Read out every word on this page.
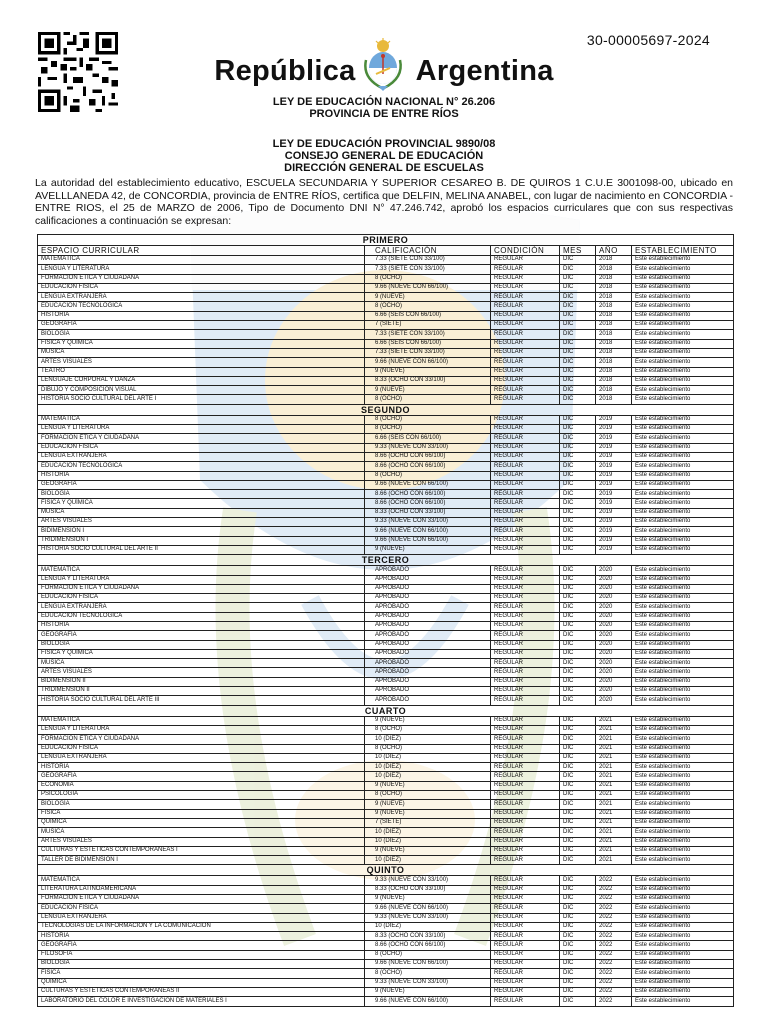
30-00005697-2024
República Argentina
LEY DE EDUCACIÓN NACIONAL N° 26.206
PROVINCIA DE ENTRE RÍOS
LEY DE EDUCACIÓN PROVINCIAL 9890/08
CONSEJO GENERAL DE EDUCACIÓN
DIRECCIÓN GENERAL DE ESCUELAS
La autoridad del establecimiento educativo, ESCUELA SECUNDARIA Y SUPERIOR CESAREO B. DE QUIROS 1 C.U.E 3001098-00, ubicado en AVELLLANEDA 42, de CONCORDIA, provincia de ENTRE RÍOS, certifica que DELFIN, MELINA ANABEL, con lugar de nacimiento en CONCORDIA - ENTRE RIOS, el 25 de MARZO de 2006, Tipo de Documento DNI N° 47.246.742, aprobó los espacios curriculares que con sus respectivas calificaciones a continuación se expresan:
PRIMERO					
ESPACIO CURRICULAR	CALIFICACIÓN	CONDICIÓN	MES	AÑO	ESTABLECIMIENTO
MATEMÁTICA	7.33 (SIETE CON 33/100)	REGULAR	DIC	2018	Este establecimiento
LENGUA Y LITERATURA	7.33 (SIETE CON 33/100)	REGULAR	DIC	2018	Este establecimiento
FORMACIÓN ÉTICA Y CIUDADANA	8 (OCHO)	REGULAR	DIC	2018	Este establecimiento
EDUCACIÓN FÍSICA	9.66 (NUEVE CON 66/100)	REGULAR	DIC	2018	Este establecimiento
LENGUA EXTRANJERA	9 (NUEVE)	REGULAR	DIC	2018	Este establecimiento
EDUCACIÓN TECNOLÓGICA	8 (OCHO)	REGULAR	DIC	2018	Este establecimiento
HISTORIA	6.66 (SEIS CON 66/100)	REGULAR	DIC	2018	Este establecimiento
GEOGRAFÍA	7 (SIETE)	REGULAR	DIC	2018	Este establecimiento
BIOLOGÍA	7.33 (SIETE CON 33/100)	REGULAR	DIC	2018	Este establecimiento
FÍSICA Y QUÍMICA	6.66 (SEIS CON 66/100)	REGULAR	DIC	2018	Este establecimiento
MÚSICA	7.33 (SIETE CON 33/100)	REGULAR	DIC	2018	Este establecimiento
ARTES VISUALES	9.66 (NUEVE CON 66/100)	REGULAR	DIC	2018	Este establecimiento
TEATRO	9 (NUEVE)	REGULAR	DIC	2018	Este establecimiento
LENGUAJE CORPORAL Y DANZA	8.33 (OCHO CON 33/100)	REGULAR	DIC	2018	Este establecimiento
DIBUJO Y COMPOSICIÓN VISUAL	9 (NUEVE)	REGULAR	DIC	2018	Este establecimiento
HISTORIA SOCIO CULTURAL DEL ARTE I	8 (OCHO)	REGULAR	DIC	2018	Este establecimiento
SEGUNDO					
MATEMÁTICA	8 (OCHO)	REGULAR	DIC	2019	Este establecimiento
LENGUA Y LITERATURA	8 (OCHO)	REGULAR	DIC	2019	Este establecimiento
FORMACIÓN ÉTICA Y CIUDADANA	6.66 (SEIS CON 66/100)	REGULAR	DIC	2019	Este establecimiento
EDUCACIÓN FÍSICA	9.33 (NUEVE CON 33/100)	REGULAR	DIC	2019	Este establecimiento
LENGUA EXTRANJERA	8.66 (OCHO CON 66/100)	REGULAR	DIC	2019	Este establecimiento
EDUCACIÓN TECNOLÓGICA	8.66 (OCHO CON 66/100)	REGULAR	DIC	2019	Este establecimiento
HISTORIA	8 (OCHO)	REGULAR	DIC	2019	Este establecimiento
GEOGRAFÍA	9.66 (NUEVE CON 66/100)	REGULAR	DIC	2019	Este establecimiento
BIOLOGÍA	8.66 (OCHO CON 66/100)	REGULAR	DIC	2019	Este establecimiento
FÍSICA Y QUÍMICA	8.66 (OCHO CON 66/100)	REGULAR	DIC	2019	Este establecimiento
MÚSICA	8.33 (OCHO CON 33/100)	REGULAR	DIC	2019	Este establecimiento
ARTES VISUALES	9.33 (NUEVE CON 33/100)	REGULAR	DIC	2019	Este establecimiento
BIDIMENSIÓN I	9.66 (NUEVE CON 66/100)	REGULAR	DIC	2019	Este establecimiento
TRIDIMENSIÓN I	9.66 (NUEVE CON 66/100)	REGULAR	DIC	2019	Este establecimiento
HISTORIA SOCIO CULTURAL DEL ARTE II	9 (NUEVE)	REGULAR	DIC	2019	Este establecimiento
TERCERO					
MATEMÁTICA	APROBADO	REGULAR	DIC	2020	Este establecimiento
LENGUA Y LITERATURA	APROBADO	REGULAR	DIC	2020	Este establecimiento
FORMACIÓN ÉTICA Y CIUDADANA	APROBADO	REGULAR	DIC	2020	Este establecimiento
EDUCACIÓN FÍSICA	APROBADO	REGULAR	DIC	2020	Este establecimiento
LENGUA EXTRANJERA	APROBADO	REGULAR	DIC	2020	Este establecimiento
EDUCACIÓN TECNOLÓGICA	APROBADO	REGULAR	DIC	2020	Este establecimiento
HISTORIA	APROBADO	REGULAR	DIC	2020	Este establecimiento
GEOGRAFÍA	APROBADO	REGULAR	DIC	2020	Este establecimiento
BIOLOGÍA	APROBADO	REGULAR	DIC	2020	Este establecimiento
FÍSICA Y QUÍMICA	APROBADO	REGULAR	DIC	2020	Este establecimiento
MÚSICA	APROBADO	REGULAR	DIC	2020	Este establecimiento
ARTES VISUALES	APROBADO	REGULAR	DIC	2020	Este establecimiento
BIDIMENSIÓN II	APROBADO	REGULAR	DIC	2020	Este establecimiento
TRIDIMENSIÓN II	APROBADO	REGULAR	DIC	2020	Este establecimiento
HISTORIA SOCIO CULTURAL DEL ARTE III	APROBADO	REGULAR	DIC	2020	Este establecimiento
CUARTO					
MATEMÁTICA	9 (NUEVE)	REGULAR	DIC	2021	Este establecimiento
LENGUA Y LITERATURA	8 (OCHO)	REGULAR	DIC	2021	Este establecimiento
FORMACIÓN ÉTICA Y CIUDADANA	10 (DIEZ)	REGULAR	DIC	2021	Este establecimiento
EDUCACIÓN FÍSICA	8 (OCHO)	REGULAR	DIC	2021	Este establecimiento
LENGUA EXTRANJERA	10 (DIEZ)	REGULAR	DIC	2021	Este establecimiento
HISTORIA	10 (DIEZ)	REGULAR	DIC	2021	Este establecimiento
GEOGRAFÍA	10 (DIEZ)	REGULAR	DIC	2021	Este establecimiento
ECONOMÍA	9 (NUEVE)	REGULAR	DIC	2021	Este establecimiento
PSICOLOGÍA	8 (OCHO)	REGULAR	DIC	2021	Este establecimiento
BIOLOGÍA	9 (NUEVE)	REGULAR	DIC	2021	Este establecimiento
FÍSICA	9 (NUEVE)	REGULAR	DIC	2021	Este establecimiento
QUÍMICA	7 (SIETE)	REGULAR	DIC	2021	Este establecimiento
MÚSICA	10 (DIEZ)	REGULAR	DIC	2021	Este establecimiento
ARTES VISUALES	10 (DIEZ)	REGULAR	DIC	2021	Este establecimiento
CULTURAS Y ESTÉTICAS CONTEMPORÁNEAS I	9 (NUEVE)	REGULAR	DIC	2021	Este establecimiento
TALLER DE BIDIMENSIÓN I	10 (DIEZ)	REGULAR	DIC	2021	Este establecimiento
QUINTO					
MATEMÁTICA	9.33 (NUEVE CON 33/100)	REGULAR	DIC	2022	Este establecimiento
LITERATURA LATINOAMERICANA	8.33 (OCHO CON 33/100)	REGULAR	DIC	2022	Este establecimiento
FORMACIÓN ÉTICA Y CIUDADANA	9 (NUEVE)	REGULAR	DIC	2022	Este establecimiento
EDUCACIÓN FÍSICA	9.66 (NUEVE CON 66/100)	REGULAR	DIC	2022	Este establecimiento
LENGUA EXTRANJERA	9.33 (NUEVE CON 33/100)	REGULAR	DIC	2022	Este establecimiento
TECNOLOGÍAS DE LA INFORMACIÓN Y LA COMUNICACIÓN	10 (DIEZ)	REGULAR	DIC	2022	Este establecimiento
HISTORIA	8.33 (OCHO CON 33/100)	REGULAR	DIC	2022	Este establecimiento
GEOGRAFÍA	8.66 (OCHO CON 66/100)	REGULAR	DIC	2022	Este establecimiento
FILOSOFÍA	8 (OCHO)	REGULAR	DIC	2022	Este establecimiento
BIOLOGÍA	9.66 (NUEVE CON 66/100)	REGULAR	DIC	2022	Este establecimiento
FÍSICA	8 (OCHO)	REGULAR	DIC	2022	Este establecimiento
QUÍMICA	9.33 (NUEVE CON 33/100)	REGULAR	DIC	2022	Este establecimiento
CULTURAS Y ESTÉTICAS CONTEMPORÁNEAS II	9 (NUEVE)	REGULAR	DIC	2022	Este establecimiento
LABORATORIO DEL COLOR E INVESTIGACIÓN DE MATERIALES I	9.66 (NUEVE CON 66/100)	REGULAR	DIC	2022	Este establecimiento
